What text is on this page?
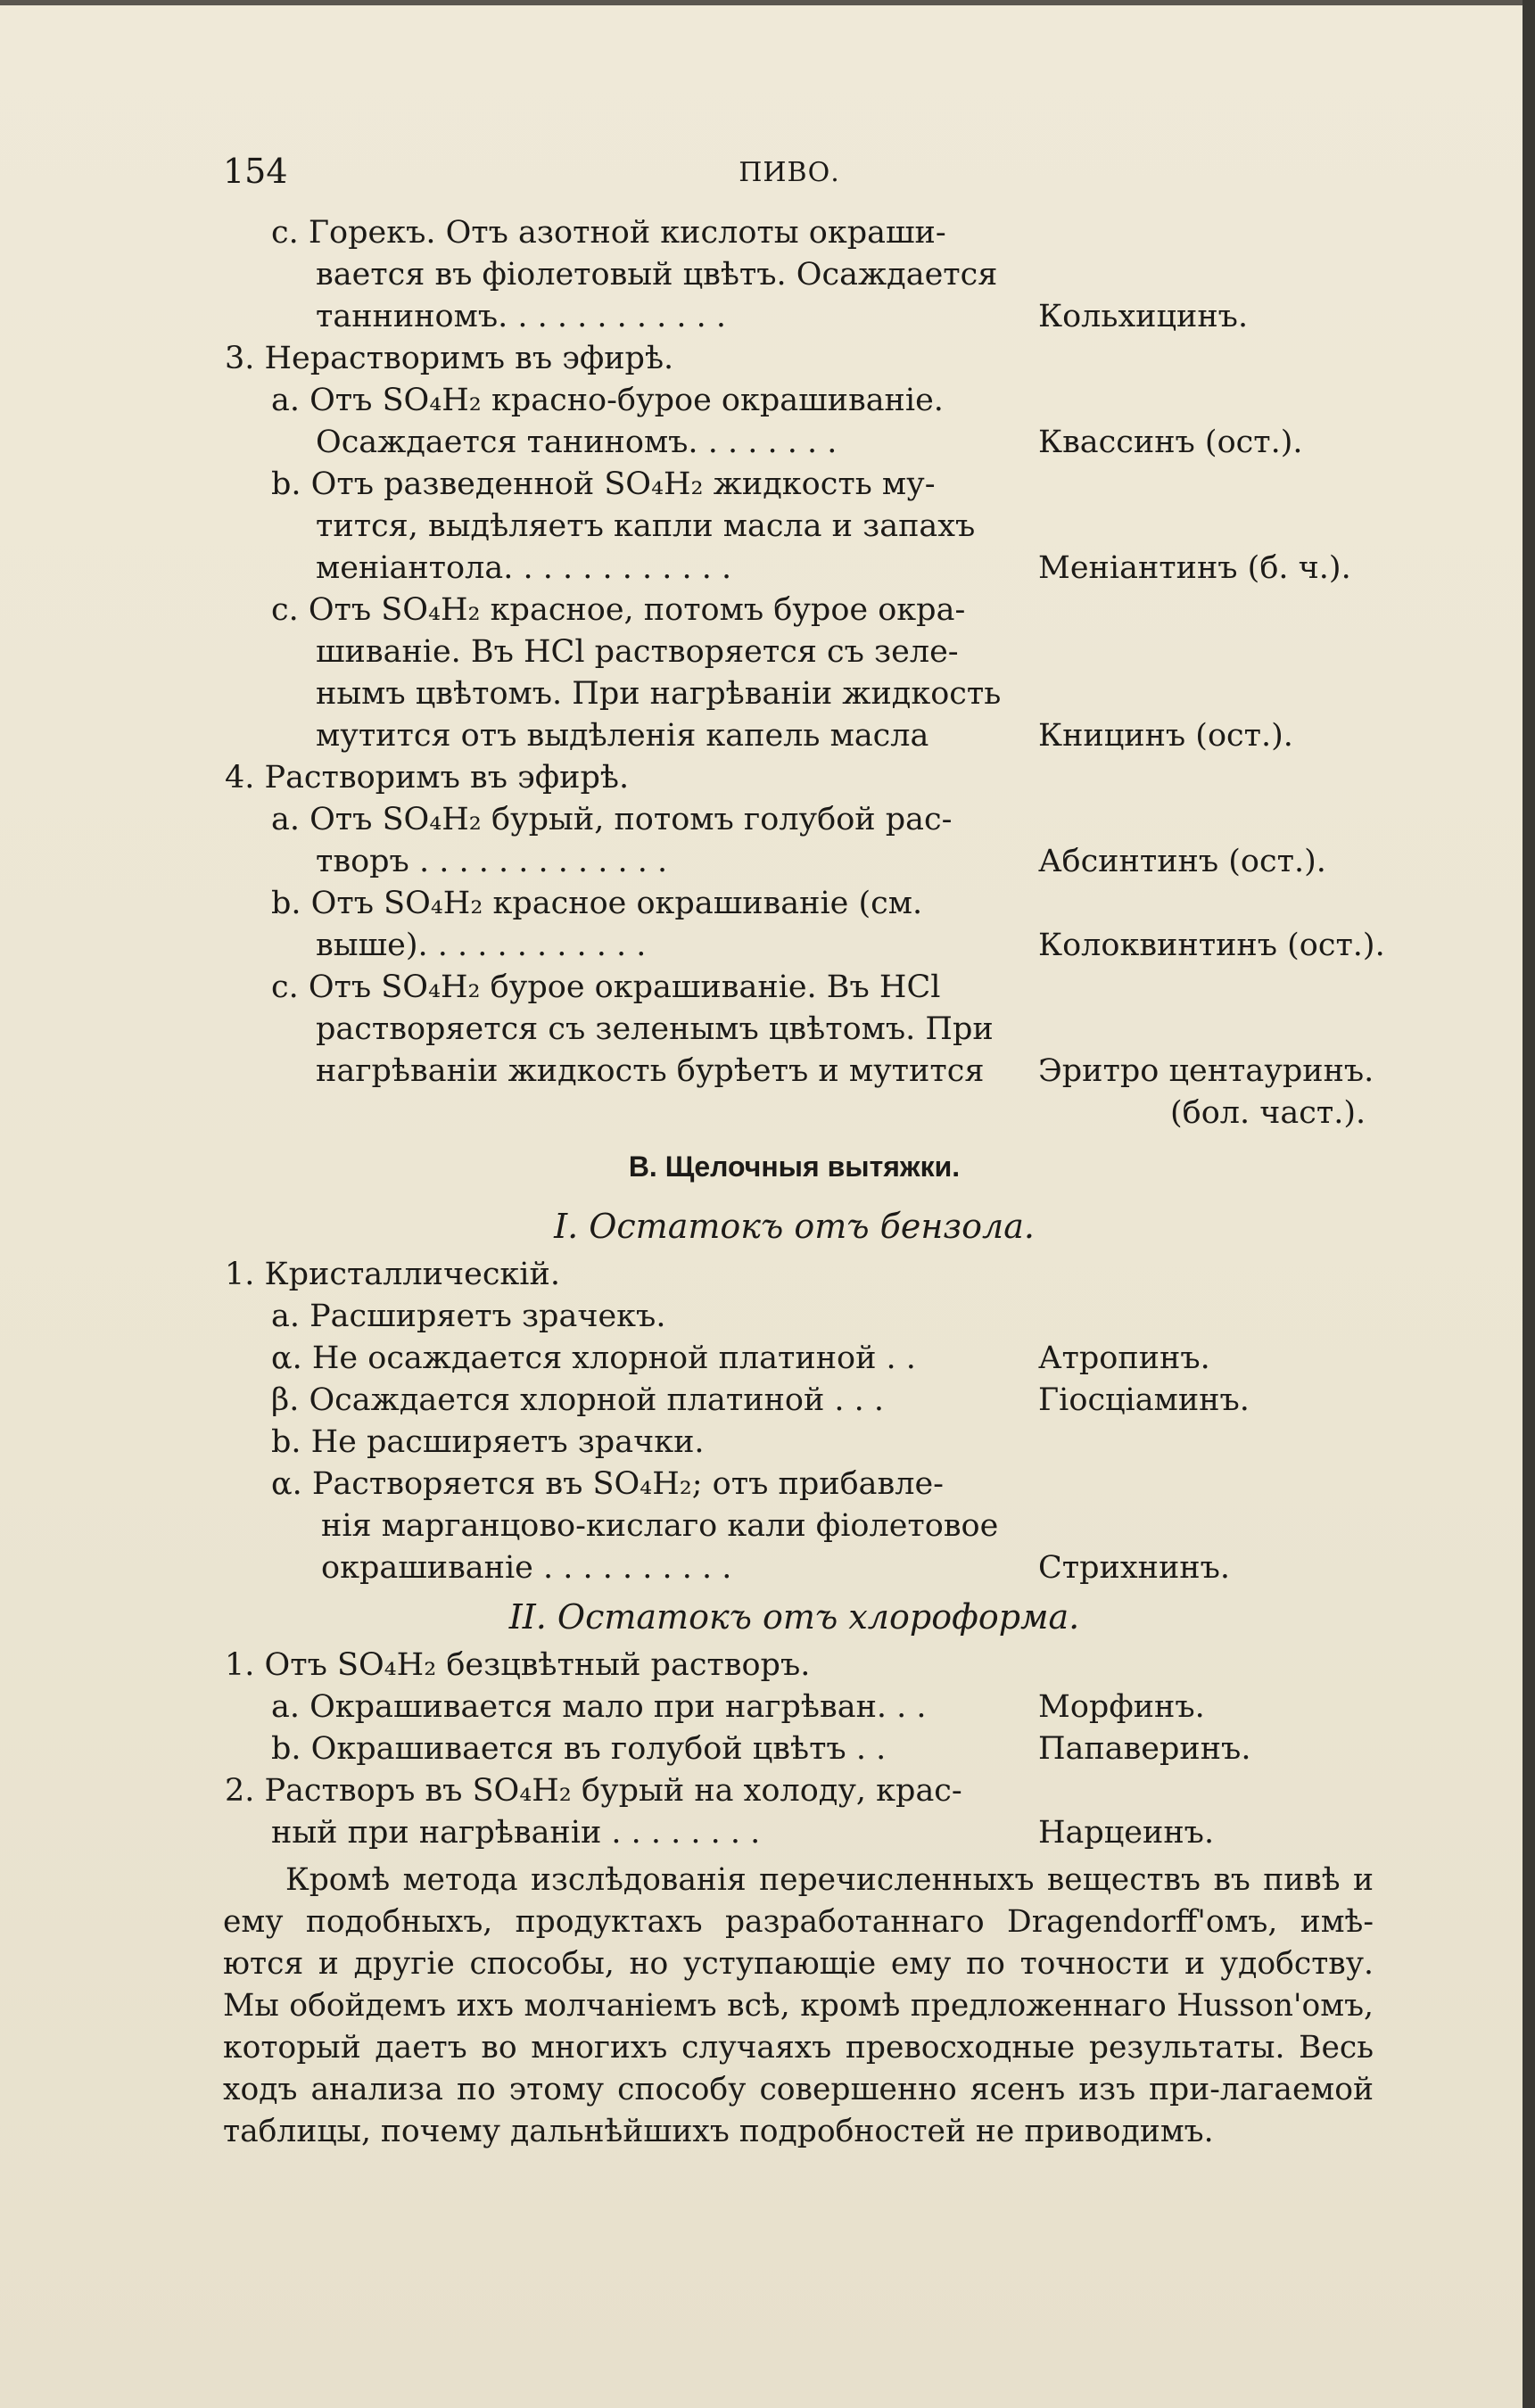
154	ПИВО.
c. Горекъ. Отъ азотной кислоты окраши-
вается въ фіолетовый цвѣтъ. Осаждается
танниномъ. . . . . . . . . . . .	Кольхицинъ.
3. Нерастворимъ въ эфирѣ.
a. Отъ SO₄H₂ красно-бурое окрашиваніе.
Осаждается таниномъ. . . . . . . .	Квассинъ (ост.).
b. Отъ разведенной SO₄H₂ жидкость му-
тится, выдѣляетъ капли масла и запахъ
меніантола. . . . . . . . . . . .	Меніантинъ (б. ч.).
c. Отъ SO₄H₂ красное, потомъ бурое окра-
шиваніе. Въ HCl растворяется съ зеле-
нымъ цвѣтомъ. При нагрѣваніи жидкость
мутится отъ выдѣленія капель масла	Кницинъ (ост.).
4. Растворимъ въ эфирѣ.
a. Отъ SO₄H₂ бурый, потомъ голубой рас-
творъ . . . . . . . . . . . . .	Абсинтинъ (ост.).
b. Отъ SO₄H₂ красное окрашиваніе (см.
выше). . . . . . . . . . . .	Колоквинтинъ (ост.).
c. Отъ SO₄H₂ бурое окрашиваніе. Въ HCl
растворяется съ зеленымъ цвѣтомъ. При
нагрѣваніи жидкость бурѣетъ и мутится Эритро центауринъ.
(бол. част.).
B. Щелочныя вытяжки.
I. Остатокъ отъ бензола.
1. Кристаллическій.
a. Расширяетъ зрачекъ.
α. Не осаждается хлорной платиной . .	Атропинъ.
β. Осаждается хлорной платиной . . .	Гіосціаминъ.
b. Не расширяетъ зрачки.
α. Растворяется въ SO₄H₂; отъ прибавле-
нія марганцово-кислаго кали фіолетовое
окрашиваніе . . . . . . . . . .	Стрихнинъ.
II. Остатокъ отъ хлороформа.
1. Отъ SO₄H₂ безцвѣтный растворъ.
a. Окрашивается мало при нагрѣван. . .	Морфинъ.
b. Окрашивается въ голубой цвѣтъ . .	Папаверинъ.
2. Растворъ въ SO₄H₂ бурый на холоду, крас-
ный при нагрѣваніи . . . . . . . .	Нарцеинъ.

Кромѣ метода изслѣдованія перечисленныхъ веществъ въ пивѣ и ему подобныхъ, продуктахъ разработаннаго Dragendorff'омъ, имѣ-ются и другіе способы, но уступающіе ему по точности и удобству. Мы обойдемъ ихъ молчаніемъ всѣ, кромѣ предложеннаго Husson'омъ, который даетъ во многихъ случаяхъ превосходные результаты. Весь ходъ анализа по этому способу совершенно ясенъ изъ при-лагаемой таблицы, почему дальнѣйшихъ подробностей не приводимъ.
